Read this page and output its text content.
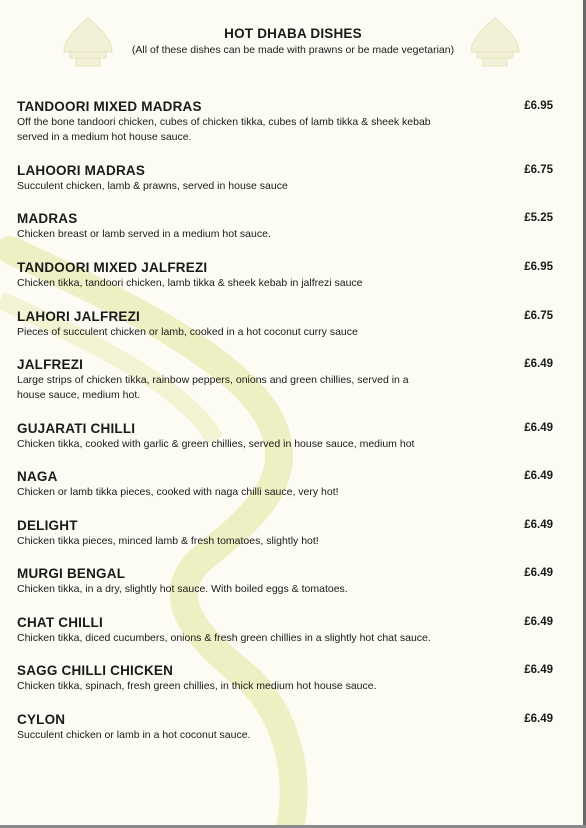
HOT DHABA DISHES
(All of these dishes can be made with prawns or be made vegetarian)
TANDOORI MIXED MADRAS
Off the bone tandoori chicken, cubes of chicken tikka, cubes of lamb tikka & sheek kebab served in a medium hot house sauce.
£6.95
LAHOORI MADRAS
Succulent chicken, lamb & prawns, served in house sauce
£6.75
MADRAS
Chicken breast or lamb served in a medium hot sauce.
£5.25
TANDOORI MIXED JALFREZI
Chicken tikka, tandoori chicken, lamb tikka & sheek kebab in jalfrezi sauce
£6.95
LAHORI JALFREZI
Pieces of succulent chicken or lamb, cooked in a hot coconut curry sauce
£6.75
JALFREZI
Large strips of chicken tikka, rainbow peppers, onions and green chillies, served in a house sauce, medium hot.
£6.49
GUJARATI CHILLI
Chicken tikka, cooked with garlic & green chillies, served in house sauce, medium hot
£6.49
NAGA
Chicken or lamb tikka pieces, cooked with naga chilli sauce, very hot!
£6.49
DELIGHT
Chicken tikka pieces, minced lamb & fresh tomatoes, slightly hot!
£6.49
MURGI BENGAL
Chicken tikka, in a dry, slightly hot sauce. With boiled eggs & tomatoes.
£6.49
CHAT CHILLI
Chicken tikka, diced cucumbers, onions & fresh green chillies in a slightly hot chat sauce.
£6.49
SAGG CHILLI CHICKEN
Chicken tikka, spinach, fresh green chillies, in thick medium hot house sauce.
£6.49
CYLON
Succulent chicken or lamb in a hot coconut sauce.
£6.49
